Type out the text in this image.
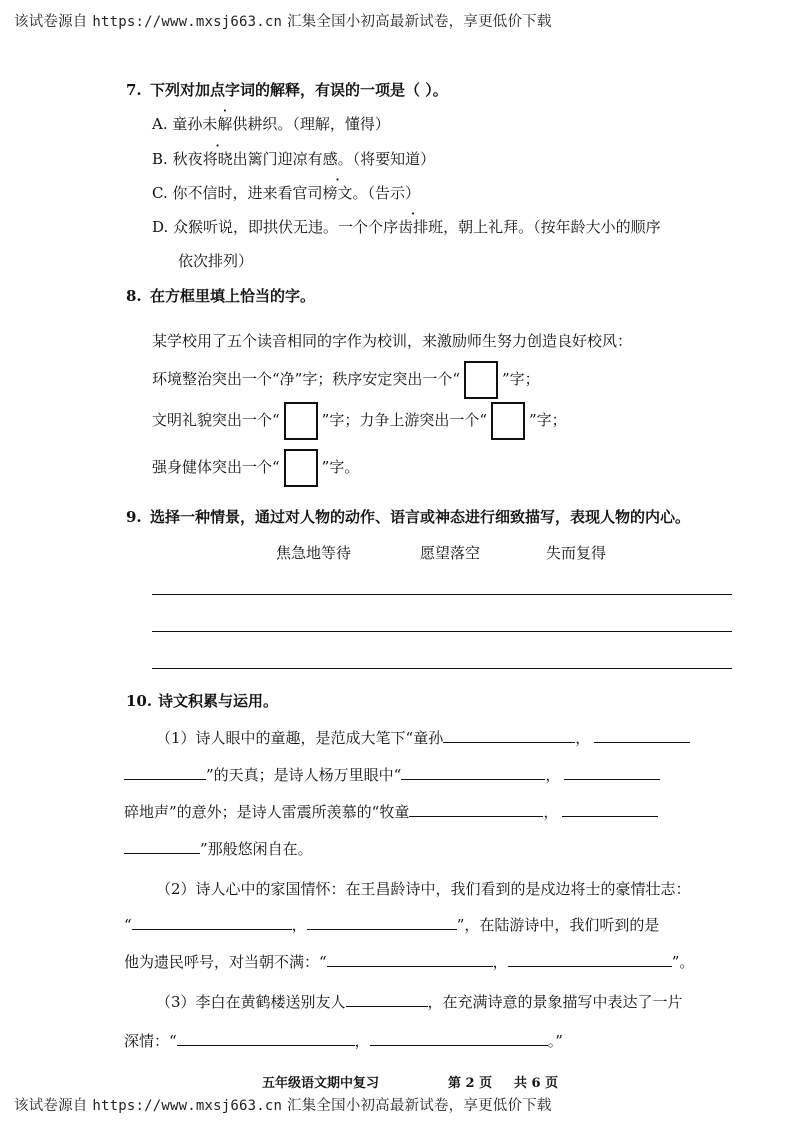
该试卷源自 https://www.mxsj663.cn 汇集全国小初高最新试卷，享更低价下载
7. 下列对加点字词的解释，有误的一项是（ ）。
A. 童孙未解供耕织。（理解，懂得）
B. 秋夜将晓出篱门迎凉有感。（将要知道）
C. 你不信时，进来看官司榜文。（告示）
D. 众猴听说，即拱伏无违。一个个序齿排班，朝上礼拜。（按年龄大小的顺序
依次排列）
8. 在方框里填上恰当的字。
某学校用了五个读音相同的字作为校训，来激励师生努力创造良好校风：
环境整治突出一个“净”字；秩序安定突出一个“	”字；
文明礼貌突出一个“	”字；力争上游突出一个“	”字；
强身健体突出一个“	”字。
9. 选择一种情景，通过对人物的动作、语言或神态进行细致描写，表现人物的内心。
焦急地等待	愿望落空	失而复得
10. 诗文积累与运用。
（1）诗人眼中的童趣，是范成大笔下“童孙	，
”的天真；是诗人杨万里眼中“	，
碎地声”的意外；是诗人雷震所羡慕的“牧童	，
”那般悠闲自在。
（2）诗人心中的家国情怀：在王昌龄诗中，我们看到的是戍边将士的豪情壮志：
“	，	”，在陆游诗中，我们听到的是
他为遗民呼号，对当朝不满：“	，	”。
（3）李白在黄鹤楼送别友人	，在充满诗意的景象描写中表达了一片
深情：“	，	。”
五年级语文期中复习	第 2 页 共 6 页
该试卷源自 https://www.mxsj663.cn 汇集全国小初高最新试卷，享更低价下载
